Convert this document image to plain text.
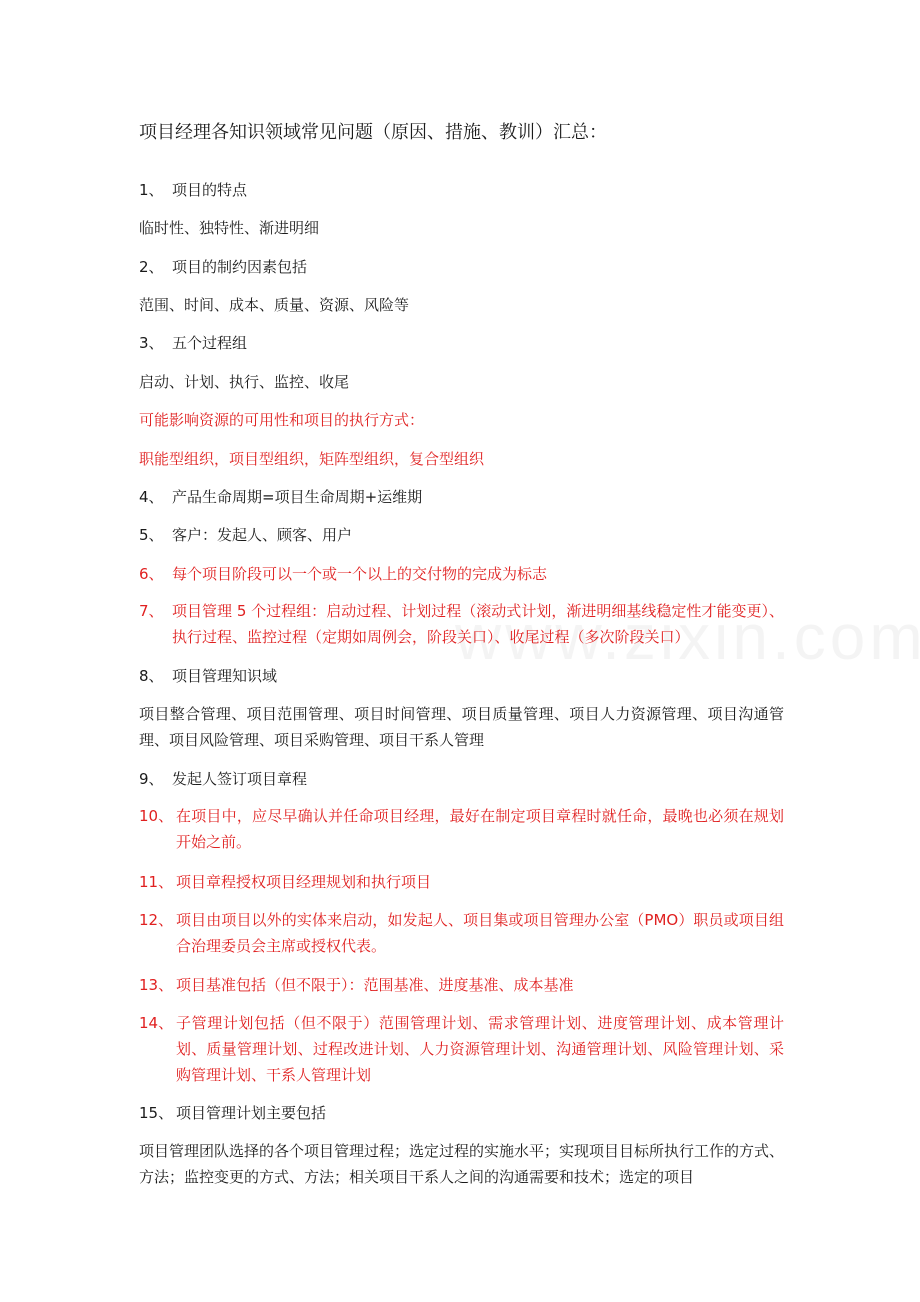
项目经理各知识领域常见问题（原因、措施、教训）汇总：
1、 项目的特点
临时性、独特性、渐进明细
2、 项目的制约因素包括
范围、时间、成本、质量、资源、风险等
3、 五个过程组
启动、计划、执行、监控、收尾
可能影响资源的可用性和项目的执行方式：
职能型组织，项目型组织，矩阵型组织，复合型组织
4、 产品生命周期=项目生命周期+运维期
5、 客户：发起人、顾客、用户
6、 每个项目阶段可以一个或一个以上的交付物的完成为标志
7、 项目管理 5 个过程组：启动过程、计划过程（滚动式计划，渐进明细基线稳定性才能变更）、执行过程、监控过程（定期如周例会，阶段关口）、收尾过程（多次阶段关口）
8、 项目管理知识域
项目整合管理、项目范围管理、项目时间管理、项目质量管理、项目人力资源管理、项目沟通管理、项目风险管理、项目采购管理、项目干系人管理
9、 发起人签订项目章程
10、 在项目中，应尽早确认并任命项目经理，最好在制定项目章程时就任命，最晚也必须在规划开始之前。
11、 项目章程授权项目经理规划和执行项目
12、 项目由项目以外的实体来启动，如发起人、项目集或项目管理办公室（PMO）职员或项目组合治理委员会主席或授权代表。
13、 项目基准包括（但不限于）：范围基准、进度基准、成本基准
14、 子管理计划包括（但不限于）范围管理计划、需求管理计划、进度管理计划、成本管理计划、质量管理计划、过程改进计划、人力资源管理计划、沟通管理计划、风险管理计划、采购管理计划、干系人管理计划
15、 项目管理计划主要包括
项目管理团队选择的各个项目管理过程；选定过程的实施水平；实现项目目标所执行工作的方式、方法；监控变更的方式、方法；相关项目干系人之间的沟通需要和技术；选定的项目
